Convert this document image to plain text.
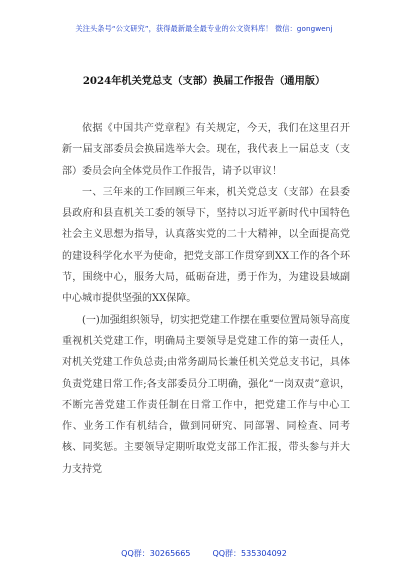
关注头条号“公文研究”，获得最新最全最专业的公文资料库！ 微信：gongwenj
2024年机关党总支（支部）换届工作报告（通用版）

依据《中国共产党章程》有关规定，今天，我们在这里召开新一届支部委员会换届选举大会。现在，我代表上一届总支（支部）委员会向全体党员作工作报告，请予以审议！

一、三年来的工作回顾三年来，机关党总支（支部）在县委县政府和县直机关工委的领导下，坚持以习近平新时代中国特色社会主义思想为指导，认真落实党的二十大精神，以全面提高党的建设科学化水平为使命，把党支部工作贯穿到XX工作的各个环节，围绕中心，服务大局，砥砺奋进，勇于作为，为建设县域副中心城市提供坚强的XX保障。

(一)加强组织领导，切实把党建工作摆在重要位置局领导高度重视机关党建工作，明确局主要领导是党建工作的第一责任人，对机关党建工作负总责;由常务副局长兼任机关党总支书记，具体负责党建日常工作;各支部委员分工明确，强化“一岗双责”意识，不断完善党建工作责任制在日常工作中，把党建工作与中心工作、业务工作有机结合，做到同研究、同部署、同检查、同考核、同奖惩。主要领导定期听取党支部工作汇报，带头参与并大力支持党

QQ群：30265665	QQ群：535304092
